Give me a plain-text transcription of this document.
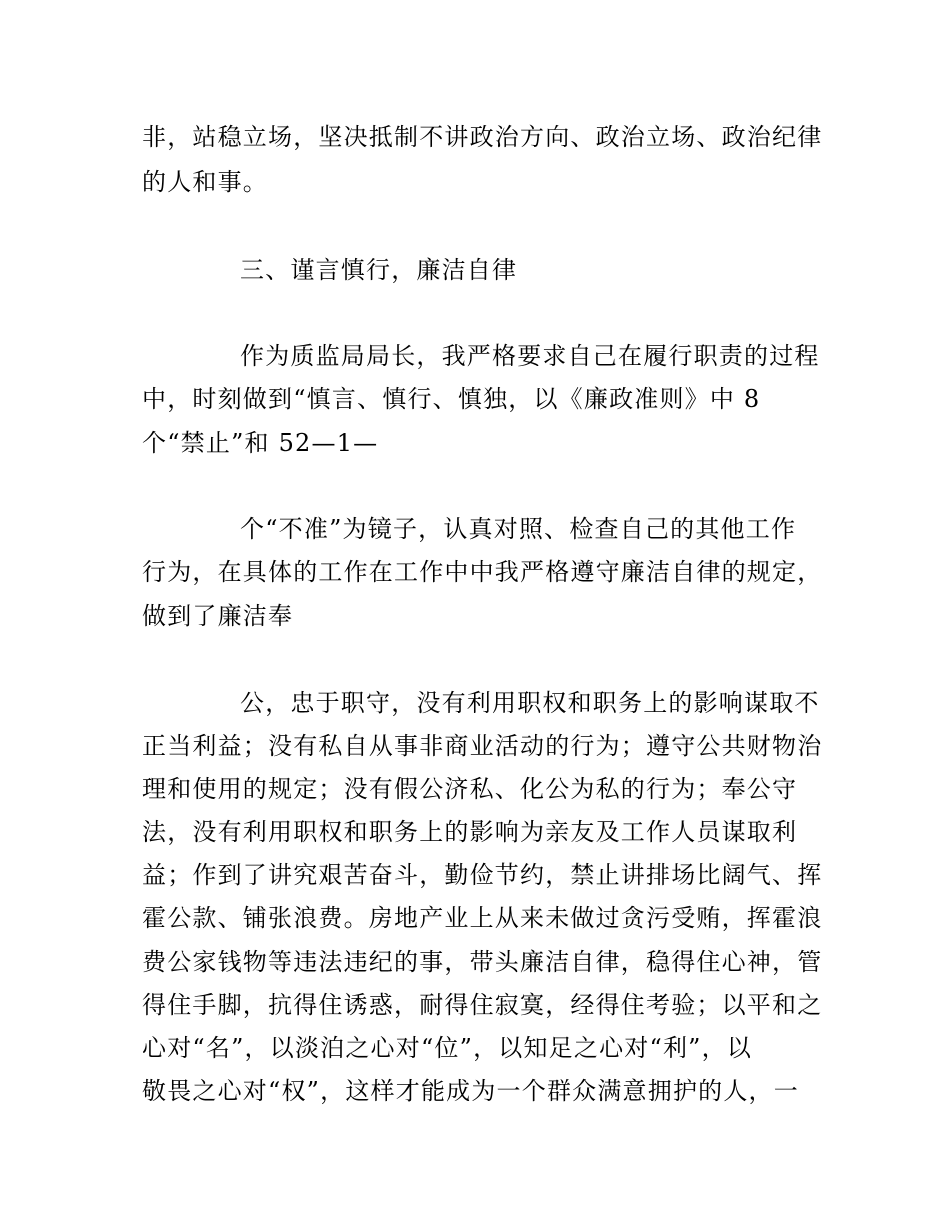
非，站稳立场，坚决抵制不讲政治方向、政治立场、政治纪律
的人和事。
三、谨言慎行，廉洁自律
作为质监局局长，我严格要求自己在履行职责的过程
中，时刻做到“慎言、慎行、慎独，以《廉政准则》中 8
个“禁止”和 52—1—
个“不准”为镜子，认真对照、检查自己的其他工作
行为，在具体的工作在工作中中我严格遵守廉洁自律的规定，
做到了廉洁奉
公，忠于职守，没有利用职权和职务上的影响谋取不
正当利益；没有私自从事非商业活动的行为；遵守公共财物治
理和使用的规定；没有假公济私、化公为私的行为；奉公守
法，没有利用职权和职务上的影响为亲友及工作人员谋取利
益；作到了讲究艰苦奋斗，勤俭节约，禁止讲排场比阔气、挥
霍公款、铺张浪费。房地产业上从来未做过贪污受贿，挥霍浪
费公家钱物等违法违纪的事，带头廉洁自律，稳得住心神，管
得住手脚，抗得住诱惑，耐得住寂寞，经得住考验；以平和之
心对“名”，以淡泊之心对“位”，以知足之心对“利”，以
敬畏之心对“权”，这样才能成为一个群众满意拥护的人，一
